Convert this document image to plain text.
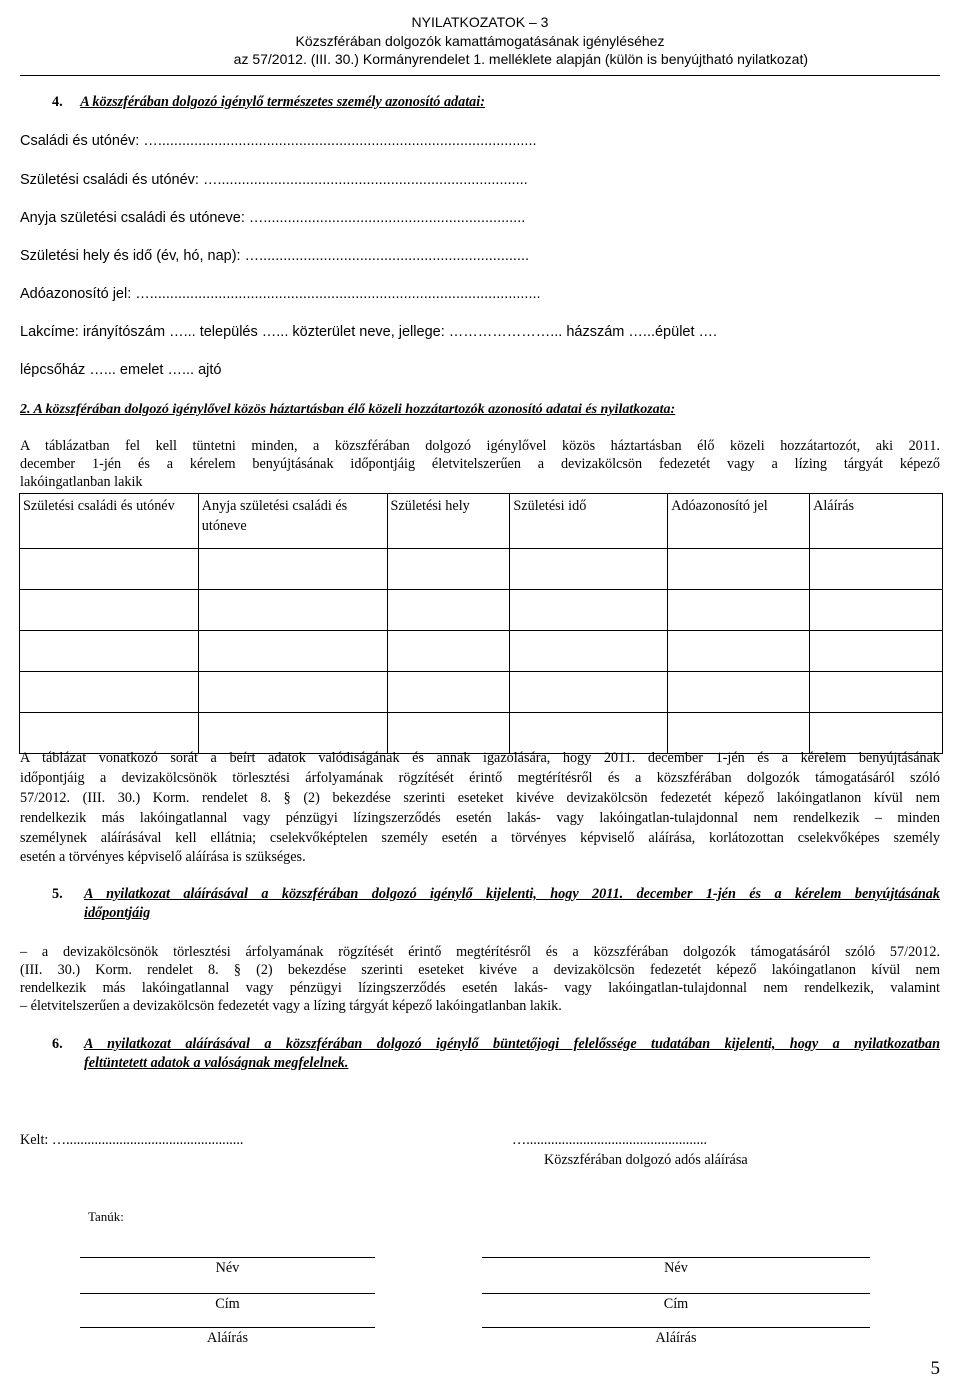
NYILATKOZATOK – 3
Közszférában dolgozók kamattámogatásának igényléséhez
az 57/2012. (III. 30.) Kormányrendelet 1. melléklete alapján (külön is benyújtható nyilatkozat)
4. A közszférában dolgozó igénylő természetes személy azonosító adatai:
Családi és utónév: …..............................................................................................
Születési családi és utónév: ….............................................................................
Anyja születési családi és utóneve: ….................................................................
Születési hely és idő (év, hó, nap): …...................................................................
Adóazonosító jel: ….................................................................................................
Lakcíme: irányítószám …... település …... közterület neve, jellege: …………………... házszám …...épület ….
lépcsőház …... emelet …... ajtó
2. A közszférában dolgozó igénylővel közös háztartásban élő közeli hozzátartozók azonosító adatai és nyilatkozata:
A táblázatban fel kell tüntetni minden, a közszférában dolgozó igénylővel közös háztartásban élő közeli hozzátartozót, aki 2011.
december 1-jén és a kérelem benyújtásának időpontjáig életvitelszerűen a devizakölcsön fedezetét vagy a lízing tárgyát képező
lakóingatlanban lakik
Születési családi és utónév	Anyja születési családi és utóneve	Születési hely	Születési idő	Adóazonosító jel	Aláírás

A táblázat vonatkozó sorát a beírt adatok valódiságának és annak igazolására, hogy 2011. december 1-jén és a kérelem benyújtásának
időpontjáig a devizakölcsönök törlesztési árfolyamának rögzítését érintő megtérítésről és a közszférában dolgozók támogatásáról szóló
57/2012. (III. 30.) Korm. rendelet 8. § (2) bekezdése szerinti eseteket kivéve devizakölcsön fedezetét képező lakóingatlanon kívül nem
rendelkezik más lakóingatlannal vagy pénzügyi lízingszerződés esetén lakás- vagy lakóingatlan-tulajdonnal nem rendelkezik – minden
személynek aláírásával kell ellátnia; cselekvőképtelen személy esetén a törvényes képviselő aláírása, korlátozottan cselekvőképes személy
esetén a törvényes képviselő aláírása is szükséges.
5. A nyilatkozat aláírásával a közszférában dolgozó igénylő kijelenti, hogy 2011. december 1-jén és a kérelem benyújtásának
időpontjáig
– a devizakölcsönök törlesztési árfolyamának rögzítését érintő megtérítésről és a közszférában dolgozók támogatásáról szóló 57/2012.
(III. 30.) Korm. rendelet 8. § (2) bekezdése szerinti eseteket kivéve a devizakölcsön fedezetét képező lakóingatlanon kívül nem
rendelkezik más lakóingatlannal vagy pénzügyi lízingszerződés esetén lakás- vagy lakóingatlan-tulajdonnal nem rendelkezik, valamint
– életvitelszerűen a devizakölcsön fedezetét vagy a lízing tárgyát képező lakóingatlanban lakik.
6. A nyilatkozat aláírásával a közszférában dolgozó igénylő büntetőjogi felelőssége tudatában kijelenti, hogy a nyilatkozatban
feltüntetett adatok a valóságnak megfelelnek.
Kelt: …..................................................	…...................................................
Közszférában dolgozó adós aláírása
Tanúk:
Név
Cím
Aláírás
Név
Cím
Aláírás
5
